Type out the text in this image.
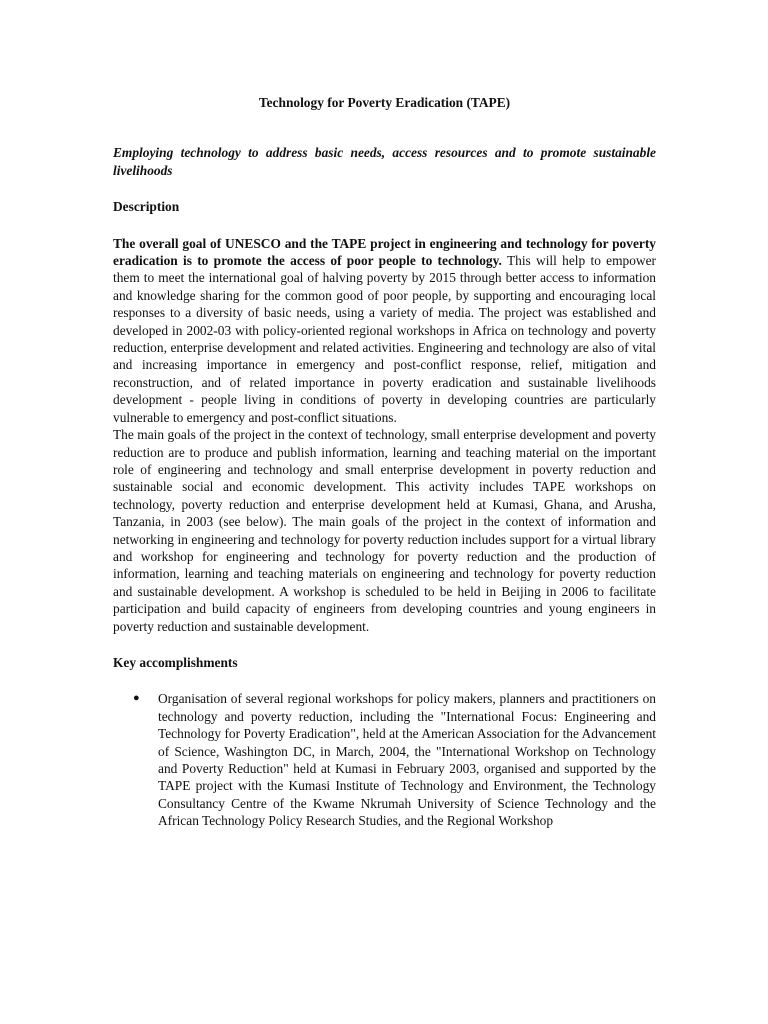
Technology for Poverty Eradication (TAPE)
Employing technology to address basic needs, access resources and to promote sustainable livelihoods
Description

The overall goal of UNESCO and the TAPE project in engineering and technology for poverty eradication is to promote the access of poor people to technology. This will help to empower them to meet the international goal of halving poverty by 2015 through better access to information and knowledge sharing for the common good of poor people, by supporting and encouraging local responses to a diversity of basic needs, using a variety of media. The project was established and developed in 2002-03 with policy-oriented regional workshops in Africa on technology and poverty reduction, enterprise development and related activities. Engineering and technology are also of vital and increasing importance in emergency and post-conflict response, relief, mitigation and reconstruction, and of related importance in poverty eradication and sustainable livelihoods development - people living in conditions of poverty in developing countries are particularly vulnerable to emergency and post-conflict situations.

The main goals of the project in the context of technology, small enterprise development and poverty reduction are to produce and publish information, learning and teaching material on the important role of engineering and technology and small enterprise development in poverty reduction and sustainable social and economic development. This activity includes TAPE workshops on technology, poverty reduction and enterprise development held at Kumasi, Ghana, and Arusha, Tanzania, in 2003 (see below). The main goals of the project in the context of information and networking in engineering and technology for poverty reduction includes support for a virtual library and workshop for engineering and technology for poverty reduction and the production of information, learning and teaching materials on engineering and technology for poverty reduction and sustainable development. A workshop is scheduled to be held in Beijing in 2006 to facilitate participation and build capacity of engineers from developing countries and young engineers in poverty reduction and sustainable development.

Key accomplishments
● Organisation of several regional workshops for policy makers, planners and practitioners on technology and poverty reduction, including the "International Focus: Engineering and Technology for Poverty Eradication", held at the American Association for the Advancement of Science, Washington DC, in March, 2004, the "International Workshop on Technology and Poverty Reduction" held at Kumasi in February 2003, organised and supported by the TAPE project with the Kumasi Institute of Technology and Environment, the Technology Consultancy Centre of the Kwame Nkrumah University of Science Technology and the African Technology Policy Research Studies, and the Regional Workshop
